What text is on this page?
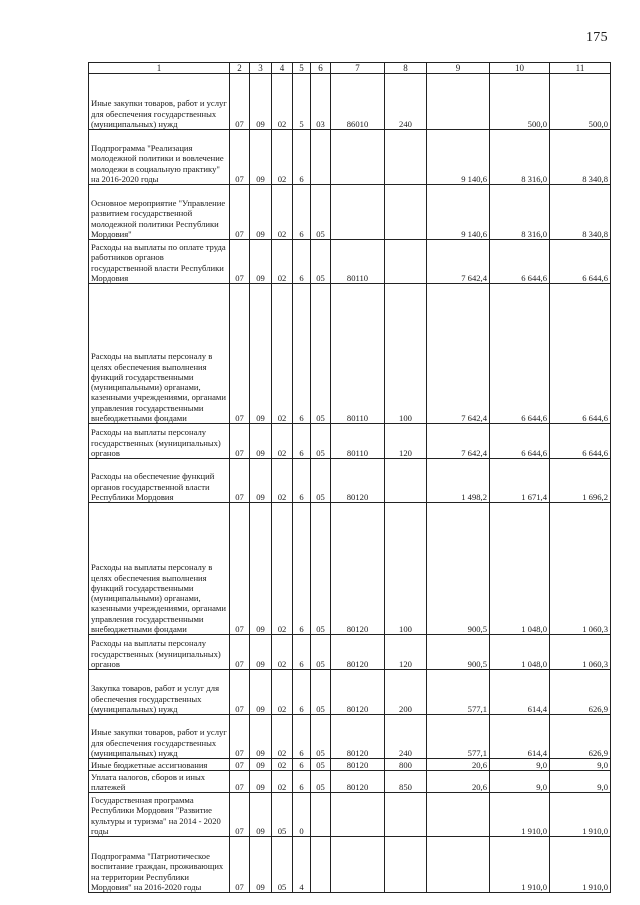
175
1	2	3	4	5	6	7	8	9	10	11
Иные закупки товаров, работ и услуг для обеспечения государственных (муниципальных) нужд	07	09	02	5	03	86010	240		500,0	500,0
Подпрограмма "Реализация молодежной политики и вовлечение молодежи в социальную практику" на 2016-2020 годы	07	09	02	6				9 140,6	8 316,0	8 340,8
Основное мероприятие "Управление развитием государственной молодежной политики Республики Мордовия"	07	09	02	6	05			9 140,6	8 316,0	8 340,8
Расходы на выплаты по оплате труда работников органов государственной власти Республики Мордовия	07	09	02	6	05	80110		7 642,4	6 644,6	6 644,6
Расходы на выплаты персоналу в целях обеспечения выполнения функций государственными (муниципальными) органами, казенными учреждениями, органами управления государственными внебюджетными фондами	07	09	02	6	05	80110	100	7 642,4	6 644,6	6 644,6
Расходы на выплаты персоналу государственных (муниципальных) органов	07	09	02	6	05	80110	120	7 642,4	6 644,6	6 644,6
Расходы на обеспечение функций органов государственной власти Республики Мордовия	07	09	02	6	05	80120		1 498,2	1 671,4	1 696,2
Расходы на выплаты персоналу в целях обеспечения выполнения функций государственными (муниципальными) органами, казенными учреждениями, органами управления государственными внебюджетными фондами	07	09	02	6	05	80120	100	900,5	1 048,0	1 060,3
Расходы на выплаты персоналу государственных (муниципальных) органов	07	09	02	6	05	80120	120	900,5	1 048,0	1 060,3
Закупка товаров, работ и услуг для обеспечения государственных (муниципальных) нужд	07	09	02	6	05	80120	200	577,1	614,4	626,9
Иные закупки товаров, работ и услуг для обеспечения государственных (муниципальных) нужд	07	09	02	6	05	80120	240	577,1	614,4	626,9
Иные бюджетные ассигнования	07	09	02	6	05	80120	800	20,6	9,0	9,0
Уплата налогов, сборов и иных платежей	07	09	02	6	05	80120	850	20,6	9,0	9,0
Государственная программа Республики Мордовия "Развитие культуры и туризма" на 2014 - 2020 годы	07	09	05	0					1 910,0	1 910,0
Подпрограмма "Патриотическое воспитание граждан, проживающих на территории Республики Мордовия" на 2016-2020 годы	07	09	05	4					1 910,0	1 910,0
